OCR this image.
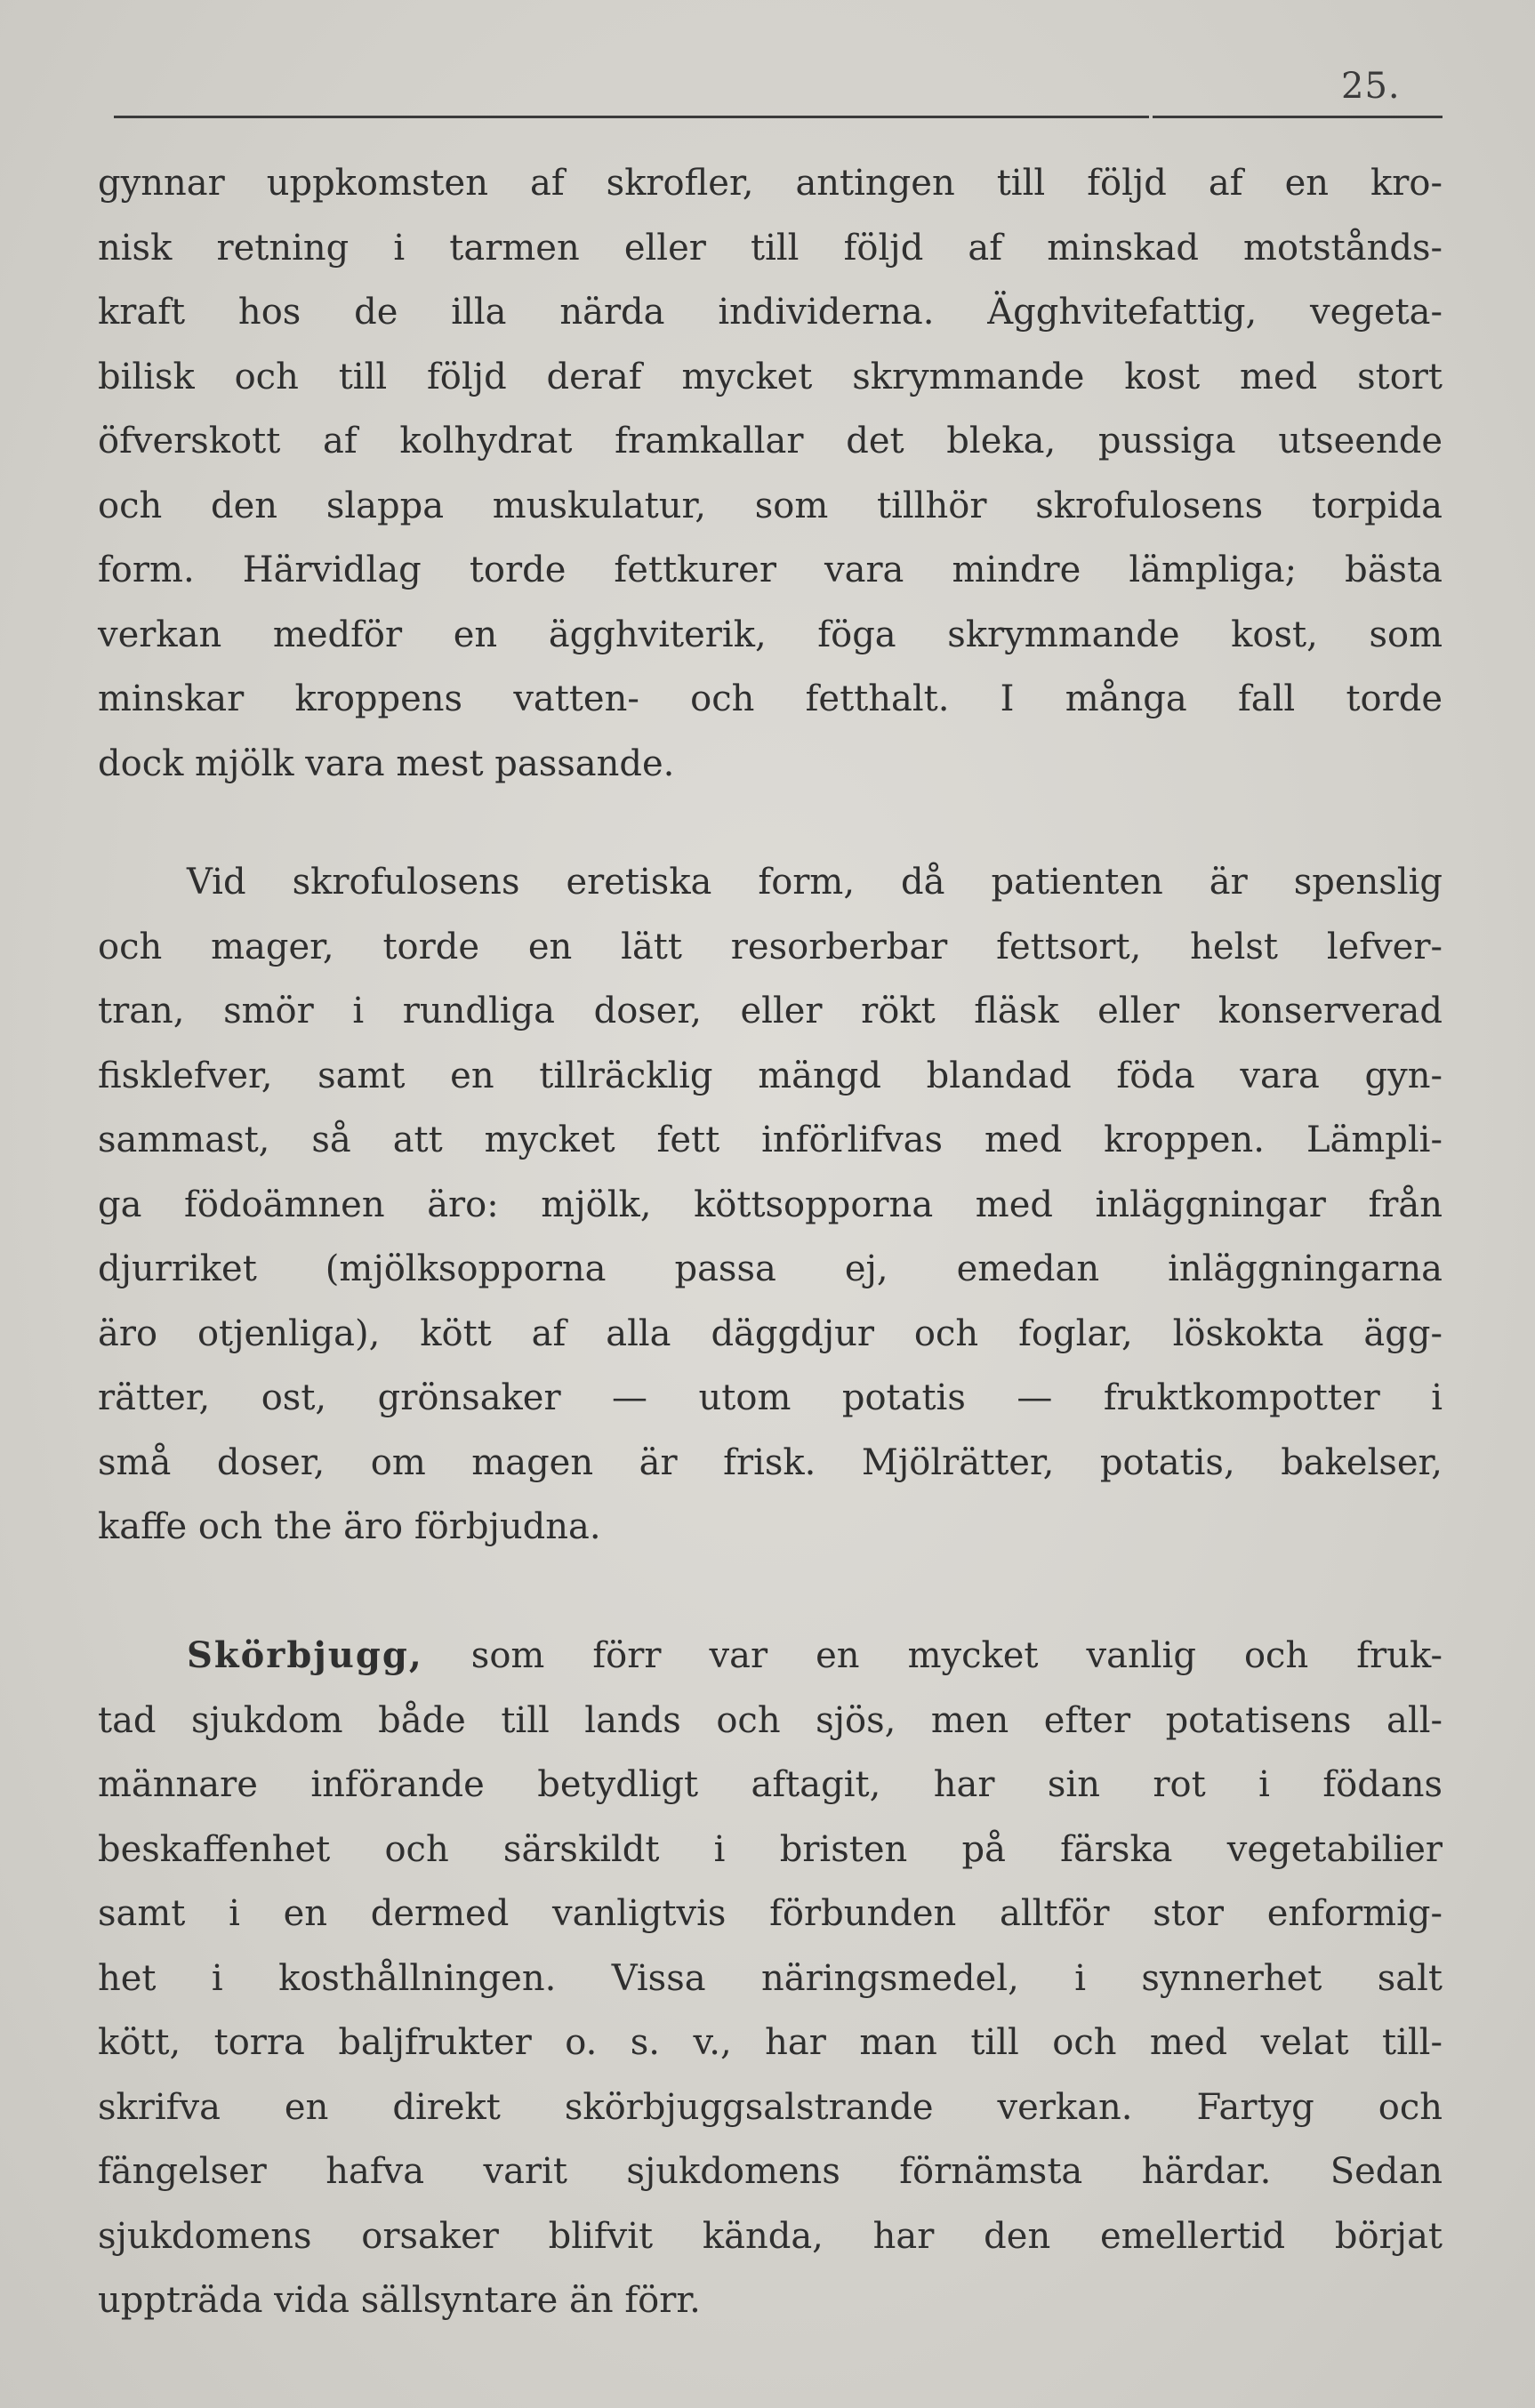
25.
gynnar uppkomsten af skrofler, antingen till följd af en kro-
nisk retning i tarmen eller till följd af minskad motstånds-
kraft hos de illa närda individerna. Ägghvitefattig, vegeta-
bilisk och till följd deraf mycket skrymmande kost med stort
öfverskott af kolhydrat framkallar det bleka, pussiga utseende
och den slappa muskulatur, som tillhör skrofulosens torpida
form. Härvidlag torde fettkurer vara mindre lämpliga; bästa
verkan medför en ägghviterik, föga skrymmande kost, som
minskar kroppens vatten- och fetthalt. I många fall torde
dock mjölk vara mest passande.
Vid skrofulosens eretiska form, då patienten är spenslig
och mager, torde en lätt resorberbar fettsort, helst lefver-
tran, smör i rundliga doser, eller rökt fläsk eller konserverad
fisklefver, samt en tillräcklig mängd blandad föda vara gyn-
sammast, så att mycket fett införlifvas med kroppen. Lämpli-
ga födoämnen äro: mjölk, köttsopporna med inläggningar från
djurriket (mjölksopporna passa ej, emedan inläggningarna
äro otjenliga), kött af alla däggdjur och foglar, löskokta ägg-
rätter, ost, grönsaker — utom potatis — fruktkompotter i
små doser, om magen är frisk. Mjölrätter, potatis, bakelser,
kaffe och the äro förbjudna.
Skörbjugg, som förr var en mycket vanlig och fruk-
tad sjukdom både till lands och sjös, men efter potatisens all-
männare införande betydligt aftagit, har sin rot i födans
beskaffenhet och särskildt i bristen på färska vegetabilier
samt i en dermed vanligtvis förbunden alltför stor enformig-
het i kosthållningen. Vissa näringsmedel, i synnerhet salt
kött, torra baljfrukter o. s. v., har man till och med velat till-
skrifva en direkt skörbjuggsalstrande verkan. Fartyg och
fängelser hafva varit sjukdomens förnämsta härdar. Sedan
sjukdomens orsaker blifvit kända, har den emellertid börjat
uppträda vida sällsyntare än förr.
